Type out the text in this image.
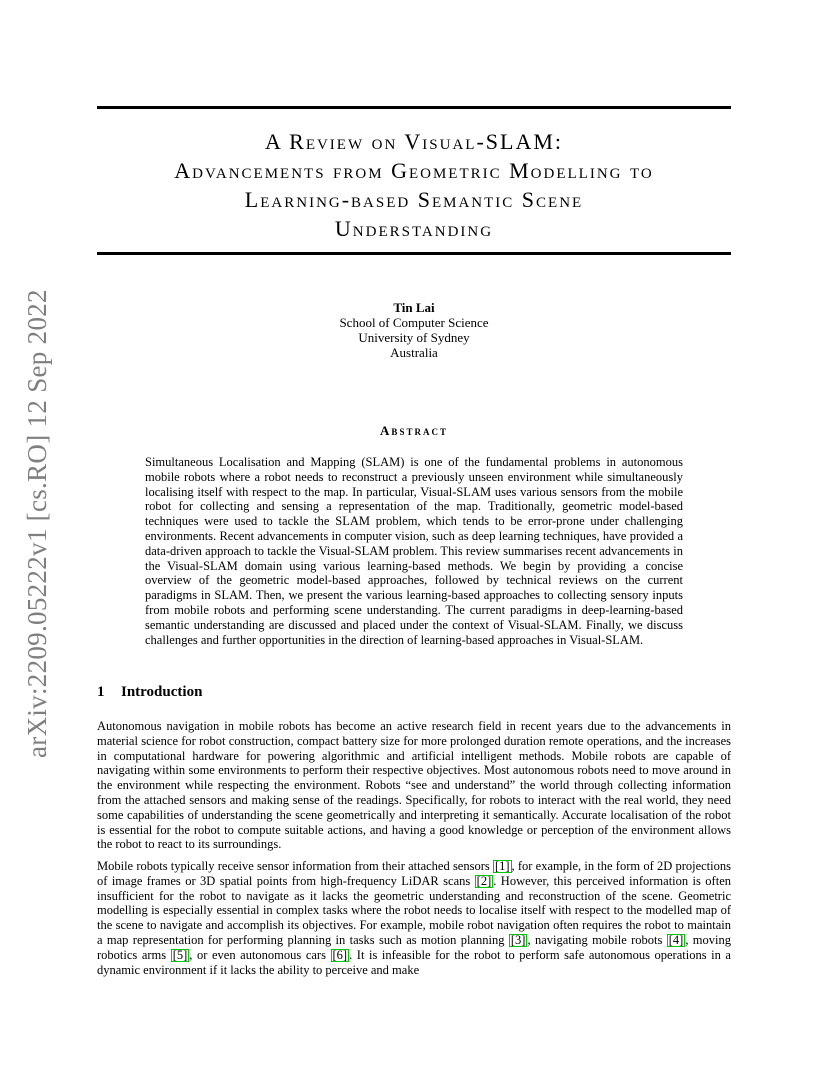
A Review on Visual-SLAM:
Advancements from Geometric Modelling to
Learning-based Semantic Scene
Understanding
Tin Lai
School of Computer Science
University of Sydney
Australia
Abstract
Simultaneous Localisation and Mapping (SLAM) is one of the fundamental problems in autonomous mobile robots where a robot needs to reconstruct a previously unseen environment while simultaneously localising itself with respect to the map. In particular, Visual-SLAM uses various sensors from the mobile robot for collecting and sensing a representation of the map. Traditionally, geometric model-based techniques were used to tackle the SLAM problem, which tends to be error-prone under challenging environments. Recent advancements in computer vision, such as deep learning techniques, have provided a data-driven approach to tackle the Visual-SLAM problem. This review summarises recent advancements in the Visual-SLAM domain using various learning-based methods. We begin by providing a concise overview of the geometric model-based approaches, followed by technical reviews on the current paradigms in SLAM. Then, we present the various learning-based approaches to collecting sensory inputs from mobile robots and performing scene understanding. The current paradigms in deep-learning-based semantic understanding are discussed and placed under the context of Visual-SLAM. Finally, we discuss challenges and further opportunities in the direction of learning-based approaches in Visual-SLAM.
1 Introduction
Autonomous navigation in mobile robots has become an active research field in recent years due to the advancements in material science for robot construction, compact battery size for more prolonged duration remote operations, and the increases in computational hardware for powering algorithmic and artificial intelligent methods. Mobile robots are capable of navigating within some environments to perform their respective objectives. Most autonomous robots need to move around in the environment while respecting the environment. Robots “see and understand” the world through collecting information from the attached sensors and making sense of the readings. Specifically, for robots to interact with the real world, they need some capabilities of understanding the scene geometrically and interpreting it semantically. Accurate localisation of the robot is essential for the robot to compute suitable actions, and having a good knowledge or perception of the environment allows the robot to react to its surroundings.
Mobile robots typically receive sensor information from their attached sensors [1] , for example, in the form of 2D projections of image frames or 3D spatial points from high-frequency LiDAR scans [2] . However, this perceived information is often insufficient for the robot to navigate as it lacks the geometric understanding and reconstruction of the scene. Geometric modelling is especially essential in complex tasks where the robot needs to localise itself with respect to the modelled map of the scene to navigate and accomplish its objectives. For example, mobile robot navigation often requires the robot to maintain a map representation for performing planning in tasks such as motion planning [3] , navigating mobile robots [4] , moving robotics arms [5] , or even autonomous cars [6] . It is infeasible for the robot to perform safe autonomous operations in a dynamic environment if it lacks the ability to perceive and make
arXiv:2209.05222v1 [cs.RO] 12 Sep 2022
